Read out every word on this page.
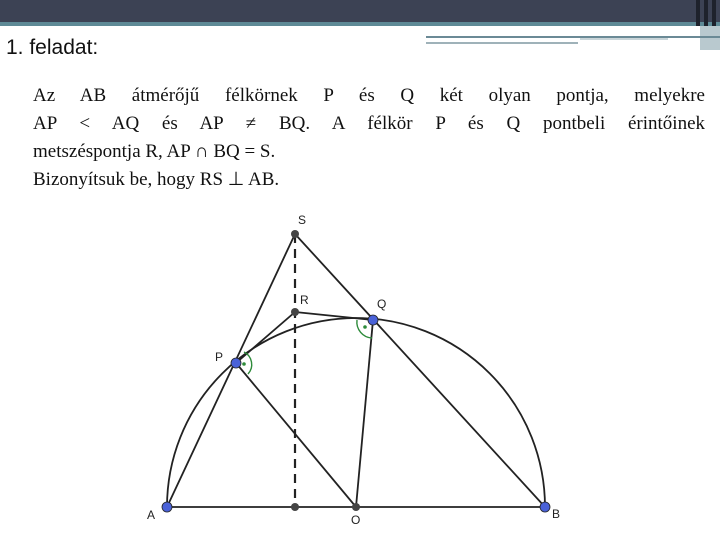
1. feladat:

Az AB átmérőjű félkörnek P és Q két olyan pontja, melyekre

AP < AQ és AP ≠ BQ. A félkör P és Q pontbeli érintőinek

metszéspontja R, AP ∩ BQ = S.

Bizonyítsuk be, hogy RS ⊥ AB.

S
R	Q
P
A	O	B
